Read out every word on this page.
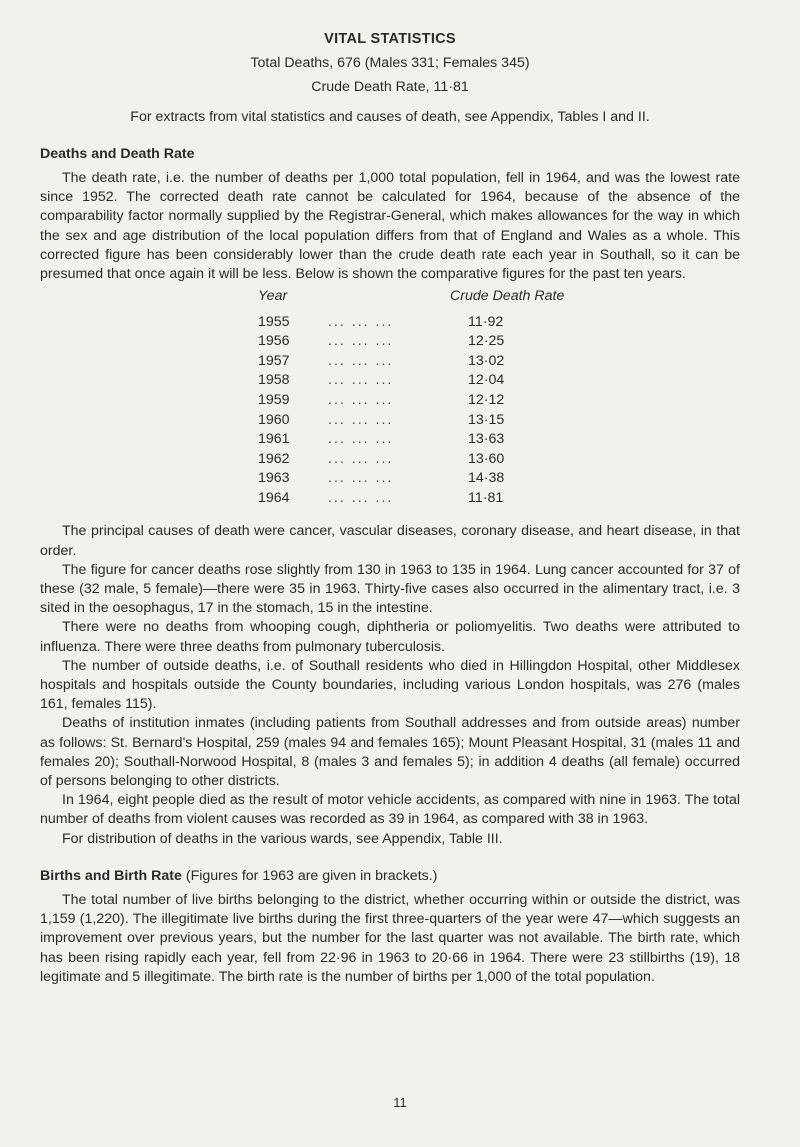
VITAL STATISTICS
Total Deaths, 676 (Males 331; Females 345)
Crude Death Rate, 11·81
For extracts from vital statistics and causes of death, see Appendix, Tables I and II.
Deaths and Death Rate

The death rate, i.e. the number of deaths per 1,000 total population, fell in 1964, and was the lowest rate since 1952. The corrected death rate cannot be calculated for 1964, because of the absence of the comparability factor normally supplied by the Registrar-General, which makes allowances for the way in which the sex and age distribution of the local population differs from that of England and Wales as a whole. This corrected figure has been considerably lower than the crude death rate each year in Southall, so it can be presumed that once again it will be less. Below is shown the comparative figures for the past ten years.

Year	Crude Death Rate
1955	... ... ...	11·92
1956	... ... ...	12·25
1957	... ... ...	13·02
1958	... ... ...	12·04
1959	... ... ...	12·12
1960	... ... ...	13·15
1961	... ... ...	13·63
1962	... ... ...	13·60
1963	... ... ...	14·38
1964	... ... ...	11·81

The principal causes of death were cancer, vascular diseases, coronary disease, and heart disease, in that order.

The figure for cancer deaths rose slightly from 130 in 1963 to 135 in 1964. Lung cancer accounted for 37 of these (32 male, 5 female)—there were 35 in 1963. Thirty-five cases also occurred in the alimentary tract, i.e. 3 sited in the oesophagus, 17 in the stomach, 15 in the intestine.

There were no deaths from whooping cough, diphtheria or poliomyelitis. Two deaths were attributed to influenza. There were three deaths from pulmonary tuberculosis.

The number of outside deaths, i.e. of Southall residents who died in Hillingdon Hospital, other Middlesex hospitals and hospitals outside the County boundaries, including various London hospitals, was 276 (males 161, females 115).

Deaths of institution inmates (including patients from Southall addresses and from outside areas) number as follows: St. Bernard's Hospital, 259 (males 94 and females 165); Mount Pleasant Hospital, 31 (males 11 and females 20); Southall-Norwood Hospital, 8 (males 3 and females 5); in addition 4 deaths (all female) occurred of persons belonging to other districts.

In 1964, eight people died as the result of motor vehicle accidents, as compared with nine in 1963. The total number of deaths from violent causes was recorded as 39 in 1964, as compared with 38 in 1963.

For distribution of deaths in the various wards, see Appendix, Table III.

Births and Birth Rate (Figures for 1963 are given in brackets.)

The total number of live births belonging to the district, whether occurring within or outside the district, was 1,159 (1,220). The illegitimate live births during the first three-quarters of the year were 47—which suggests an improvement over previous years, but the number for the last quarter was not available. The birth rate, which has been rising rapidly each year, fell from 22·96 in 1963 to 20·66 in 1964. There were 23 stillbirths (19), 18 legitimate and 5 illegitimate. The birth rate is the number of births per 1,000 of the total population.

11
